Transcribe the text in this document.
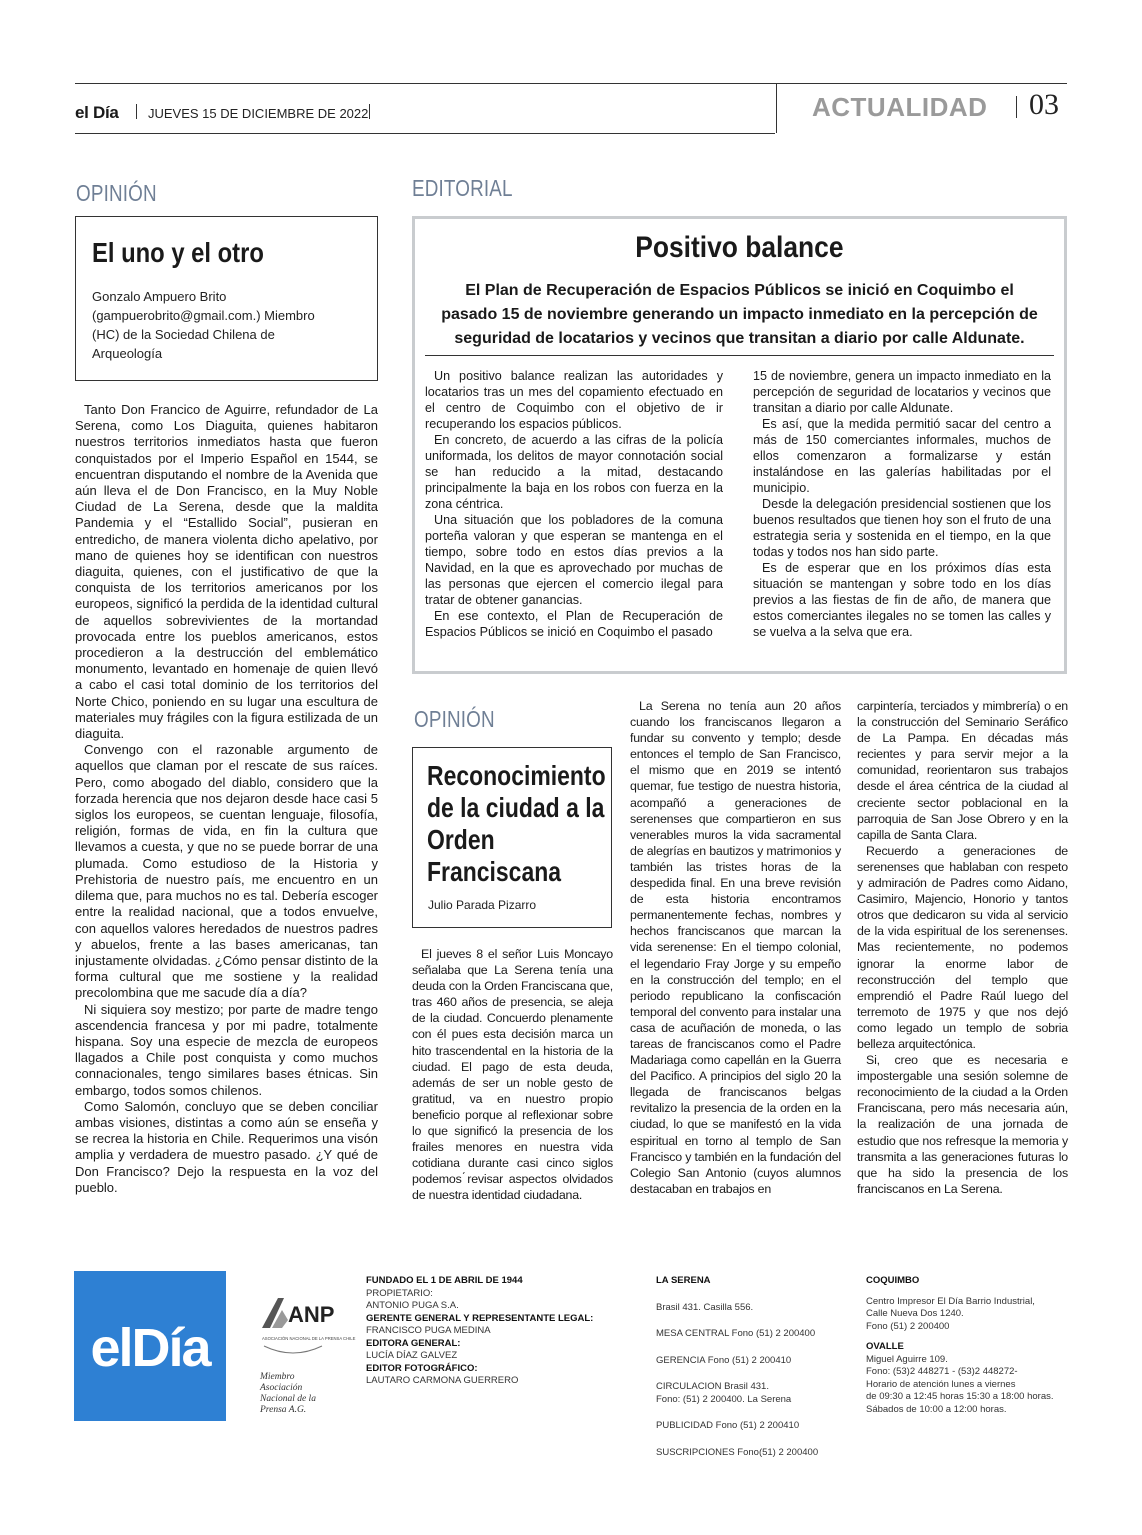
el Día JUEVES 15 DE DICIEMBRE DE 2022	ACTUALIDAD 03
OPINIÓN
El uno y el otro
Gonzalo Ampuero Brito (gampuerobrito@gmail.com.) Miembro (HC) de la Sociedad Chilena de Arqueología

Tanto Don Francico de Aguirre, refundador de La Serena, como Los Diaguita, quienes habitaron nuestros territorios inmediatos hasta que fueron conquistados por el Imperio Español en 1544, se encuentran disputando el nombre de la Avenida que aún lleva el de Don Francisco, en la Muy Noble Ciudad de La Serena, desde que la maldita Pandemia y el “Estallido Social”, pusieran en entredicho, de manera violenta dicho apelativo, por mano de quienes hoy se identifican con nuestros diaguita, quienes, con el justificativo de que la conquista de los territorios americanos por los europeos, significó la perdida de la identidad cultural de aquellos sobrevivientes de la mortandad provocada entre los pueblos americanos, estos procedieron a la destrucción del emblemático monumento, levantado en homenaje de quien llevó a cabo el casi total dominio de los territorios del Norte Chico, poniendo en su lugar una escultura de materiales muy frágiles con la figura estilizada de un diaguita.

Convengo con el razonable argumento de aquellos que claman por el rescate de sus raíces. Pero, como abogado del diablo, considero que la forzada herencia que nos dejaron desde hace casi 5 siglos los europeos, se cuentan lenguaje, filosofía, religión, formas de vida, en fin la cultura que llevamos a cuesta, y que no se puede borrar de una plumada. Como estudioso de la Historia y Prehistoria de nuestro país, me encuentro en un dilema que, para muchos no es tal. Debería escoger entre la realidad nacional, que a todos envuelve, con aquellos valores heredados de nuestros padres y abuelos, frente a las bases americanas, tan injustamente olvidadas. ¿Cómo pensar distinto de la forma cultural que me sostiene y la realidad precolombina que me sacude día a día?

Ni siquiera soy mestizo; por parte de madre tengo ascendencia francesa y por mi padre, totalmente hispana. Soy una especie de mezcla de europeos llagados a Chile post conquista y como muchos connacionales, tengo similares bases étnicas. Sin embargo, todos somos chilenos.

Como Salomón, concluyo que se deben conciliar ambas visiones, distintas a como aún se enseña y se recrea la historia en Chile. Requerimos una visón amplia y verdadera de muestro pasado. ¿Y qué de Don Francisco? Dejo la respuesta en la voz del pueblo.

EDITORIAL
Positivo balance
El Plan de Recuperación de Espacios Públicos se inició en Coquimbo el pasado 15 de noviembre generando un impacto inmediato en la percepción de seguridad de locatarios y vecinos que transitan a diario por calle Aldunate.

Un positivo balance realizan las autoridades y locatarios tras un mes del copamiento efectuado en el centro de Coquimbo con el objetivo de ir recuperando los espacios públicos.

En concreto, de acuerdo a las cifras de la policía uniformada, los delitos de mayor connotación social se han reducido a la mitad, destacando principalmente la baja en los robos con fuerza en la zona céntrica.

Una situación que los pobladores de la comuna porteña valoran y que esperan se mantenga en el tiempo, sobre todo en estos días previos a la Navidad, en la que es aprovechado por muchas de las personas que ejercen el comercio ilegal para tratar de obtener ganancias.

En ese contexto, el Plan de Recuperación de Espacios Públicos se inició en Coquimbo el pasado

15 de noviembre, genera un impacto inmediato en la percepción de seguridad de locatarios y vecinos que transitan a diario por calle Aldunate.

Es así, que la medida permitió sacar del centro a más de 150 comerciantes informales, muchos de ellos comenzaron a formalizarse y están instalándose en las galerías habilitadas por el municipio.

Desde la delegación presidencial sostienen que los buenos resultados que tienen hoy son el fruto de una estrategia seria y sostenida en el tiempo, en la que todas y todos nos han sido parte.

Es de esperar que en los próximos días esta situación se mantengan y sobre todo en los días previos a las fiestas de fin de año, de manera que estos comerciantes ilegales no se tomen las calles y se vuelva a la selva que era.

OPINIÓN
Reconocimiento de la ciudad a la Orden Franciscana
Julio Parada Pizarro

El jueves 8 el señor Luis Moncayo señalaba que La Serena tenía una deuda con la Orden Franciscana que, tras 460 años de presencia, se aleja de la ciudad. Concuerdo plenamente con él pues esta decisión marca un hito trascendental en la historia de la ciudad. El pago de esta deuda, además de ser un noble gesto de gratitud, va en nuestro propio beneficio porque al reflexionar sobre lo que significó la presencia de los frailes menores en nuestra vida cotidiana durante casi cinco siglos podemos ́revisar aspectos olvidados de nuestra identidad ciudadana.

La Serena no tenía aun 20 años cuando los franciscanos llegaron a fundar su convento y templo; desde entonces el templo de San Francisco, el mismo que en 2019 se intentó quemar, fue testigo de nuestra historia, acompañó a generaciones de serenenses que compartieron en sus venerables muros la vida sacramental de alegrías en bautizos y matrimonios y también las tristes horas de la despedida final. En una breve revisión de esta historia encontramos permanentemente fechas, nombres y hechos franciscanos que marcan la vida serenense: En el tiempo colonial, el legendario Fray Jorge y su empeño en la construcción del templo; en el periodo republicano la confiscación temporal del convento para instalar una casa de acuñación de moneda, o las tareas de franciscanos como el Padre Madariaga como capellán en la Guerra del Pacifico. A principios del siglo 20 la llegada de franciscanos belgas revitalizo la presencia de la orden en la ciudad, lo que se manifestó en la vida espiritual en torno al templo de San Francisco y también en la fundación del Colegio San Antonio (cuyos alumnos destacaban en trabajos en

carpintería, terciados y mimbrería) o en la construcción del Seminario Seráfico de La Pampa. En décadas más recientes y para servir mejor a la comunidad, reorientaron sus trabajos desde el área céntrica de la ciudad al creciente sector poblacional en la parroquia de San Jose Obrero y en la capilla de Santa Clara.

Recuerdo a generaciones de serenenses que hablaban con respeto y admiración de Padres como Aidano, Casimiro, Majencio, Honorio y tantos otros que dedicaron su vida al servicio de la vida espiritual de los serenenses. Mas recientemente, no podemos ignorar la enorme labor de reconstrucción del templo que emprendió el Padre Raúl luego del terremoto de 1975 y que nos dejó como legado un templo de sobria belleza arquitectónica.

Si, creo que es necesaria e impostergable una sesión solemne de reconocimiento de la ciudad a la Orden Franciscana, pero más necesaria aún, la realización de una jornada de estudio que nos refresque la memoria y transmita a las generaciones futuras lo que ha sido la presencia de los franciscanos en La Serena.

elDía
ANP
ASOCIACIÓN NACIONAL DE LA PRENSA CHILE
Miembro Asociación Nacional de la Prensa A.G.
FUNDADO EL 1 DE ABRIL DE 1944
PROPIETARIO:
ANTONIO PUGA S.A.
GERENTE GENERAL Y REPRESENTANTE LEGAL:
FRANCISCO PUGA MEDINA
EDITORA GENERAL:
LUCÍA DÍAZ GALVEZ
EDITOR FOTOGRÁFICO:
LAUTARO CARMONA GUERRERO
LA SERENA
Brasil 431. Casilla 556.
MESA CENTRAL Fono (51) 2 200400
GERENCIA Fono (51) 2 200410
CIRCULACION Brasil 431.
Fono: (51) 2 200400. La Serena
PUBLICIDAD Fono (51) 2 200410
SUSCRIPCIONES Fono(51) 2 200400
COQUIMBO
Centro Impresor El Día Barrio Industrial,
Calle Nueva Dos 1240.
Fono (51) 2 200400
OVALLE
Miguel Aguirre 109.
Fono: (53)2 448271 - (53)2 448272-
Horario de atención lunes a viernes
de 09:30 a 12:45 horas 15:30 a 18:00 horas.
Sábados de 10:00 a 12:00 horas.
